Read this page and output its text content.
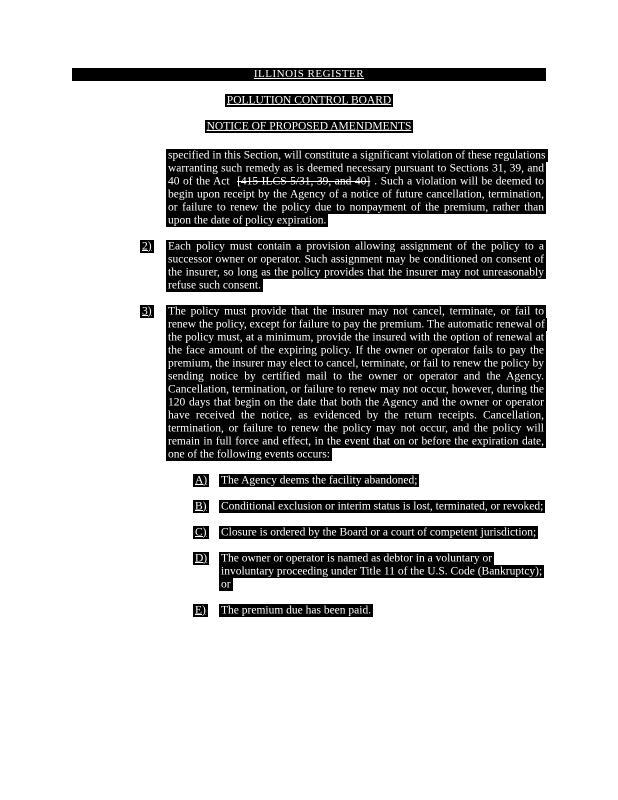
ILLINOIS REGISTER
POLLUTION CONTROL BOARD
NOTICE OF PROPOSED AMENDMENTS
specified in this Section, will constitute a significant violation of these regulations warranting such remedy as is deemed necessary pursuant to Sections 31, 39, and 40 of the Act [415 ILCS 5/31, 39, and 40] . Such a violation will be deemed to begin upon receipt by the Agency of a notice of future cancellation, termination, or failure to renew the policy due to nonpayment of the premium, rather than upon the date of policy expiration.
2)	Each policy must contain a provision allowing assignment of the policy to a successor owner or operator. Such assignment may be conditioned on consent of the insurer, so long as the policy provides that the insurer may not unreasonably refuse such consent.
3)	The policy must provide that the insurer may not cancel, terminate, or fail to renew the policy, except for failure to pay the premium. The automatic renewal of the policy must, at a minimum, provide the insured with the option of renewal at the face amount of the expiring policy. If the owner or operator fails to pay the premium, the insurer may elect to cancel, terminate, or fail to renew the policy by sending notice by certified mail to the owner or operator and the Agency. Cancellation, termination, or failure to renew may not occur, however, during the 120 days that begin on the date that both the Agency and the owner or operator have received the notice, as evidenced by the return receipts. Cancellation, termination, or failure to renew the policy may not occur, and the policy will remain in full force and effect, in the event that on or before the expiration date, one of the following events occurs:
A)	The Agency deems the facility abandoned;
B)	Conditional exclusion or interim status is lost, terminated, or revoked;
C)	Closure is ordered by the Board or a court of competent jurisdiction;
D)	The owner or operator is named as debtor in a voluntary or involuntary proceeding under Title 11 of the U.S. Code (Bankruptcy); or
E)	The premium due has been paid.
